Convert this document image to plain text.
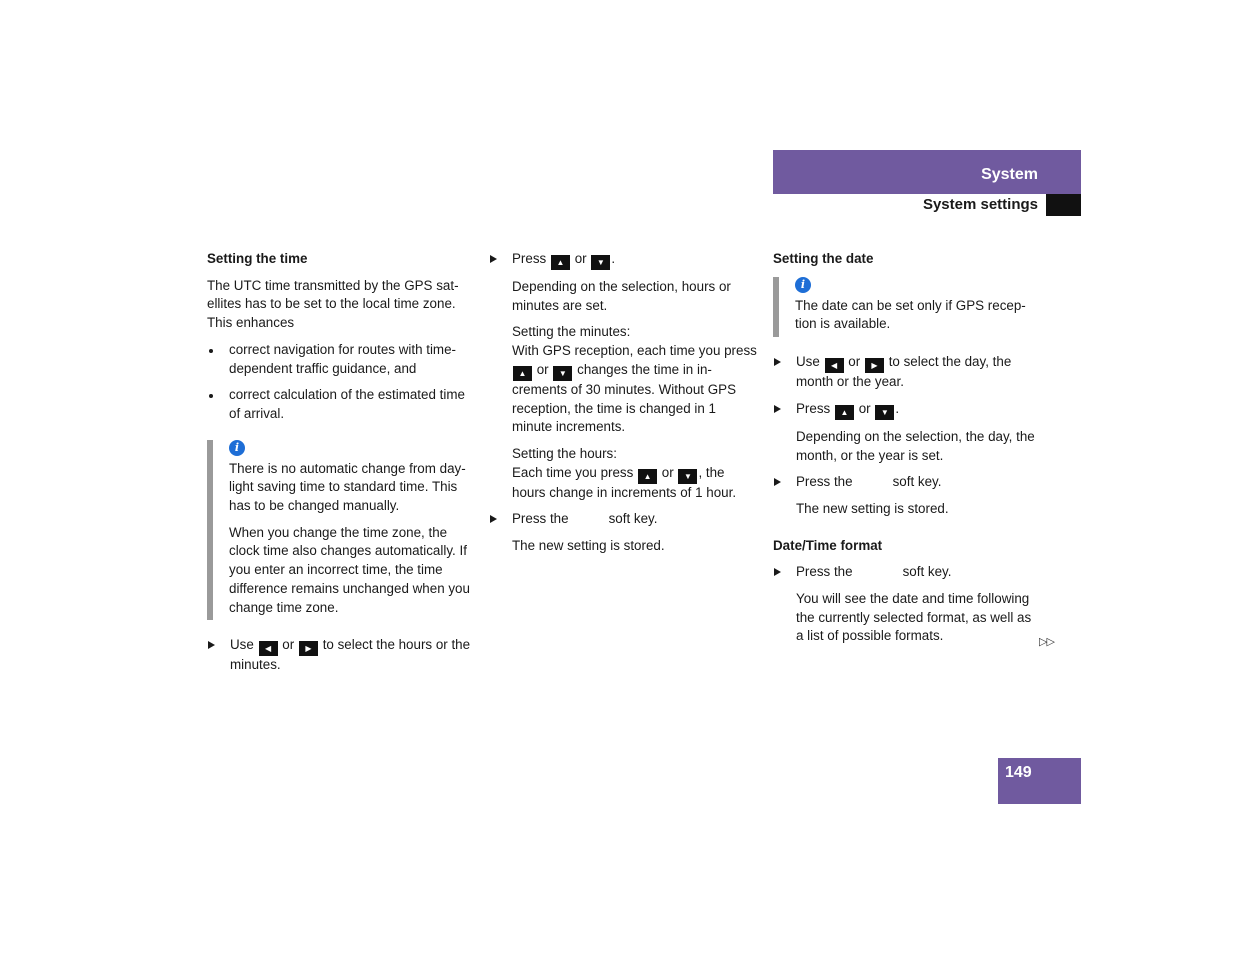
System
System settings
Setting the time

The UTC time transmitted by the GPS sat-ellites has to be set to the local time zone. This enhances

correct navigation for routes with time-dependent traffic guidance, and
correct calculation of the estimated time of arrival.
i

There is no automatic change from day-light saving time to standard time. This has to be changed manually.

When you change the time zone, the clock time also changes automatically. If you enter an incorrect time, the time difference remains unchanged when you change time zone.

Use ◀ or ▶ to select the hours or the minutes.
Press ▲ or ▼ .

Depending on the selection, hours or minutes are set.

Setting the minutes:
With GPS reception, each time you press ▲ or ▼ changes the time in in-crements of 30 minutes. Without GPS reception, the time is changed in 1 minute increments.

Setting the hours:
Each time you press ▲ or ▼ , the hours change in increments of 1 hour.

Press the	soft key.

The new setting is stored.

Setting the date
i

The date can be set only if GPS recep-tion is available.

Use ◀ or ▶ to select the day, the month or the year.
Press ▲ or ▼ .

Depending on the selection, the day, the month, or the year is set.

Press the	soft key.

The new setting is stored.

Date/Time format
Press the	soft key.

You will see the date and time following the currently selected format, as well as a list of possible formats.	▷▷
149
